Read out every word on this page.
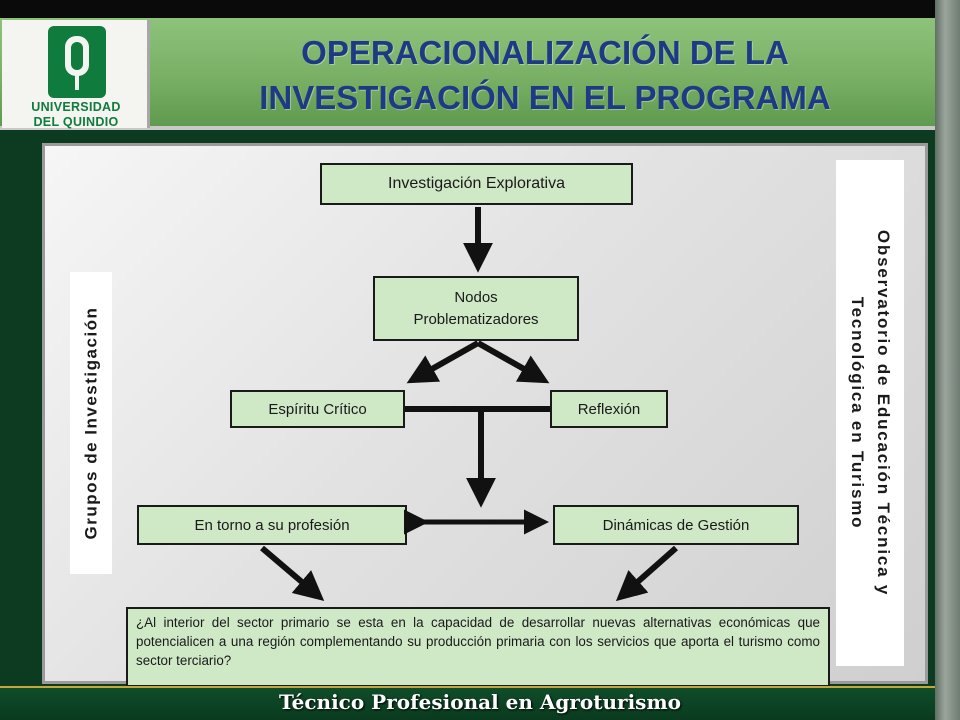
UNIVERSIDAD
DEL QUINDIO
OPERACIONALIZACIÓN DE LA
INVESTIGACIÓN EN EL PROGRAMA
Grupos de Investigación	Observatorio de Educación Técnica y
Tecnológica en Turismo
Investigación Explorativa
Nodos Problematizadores
Espíritu Crítico	Reflexión
En torno a su profesión	Dinámicas de Gestión
¿Al interior del sector primario se esta en la capacidad de desarrollar nuevas alternativas económicas que potencialicen a una región complementando su producción primaria con los servicios que aporta el turismo como sector terciario?
Técnico Profesional en Agroturismo
